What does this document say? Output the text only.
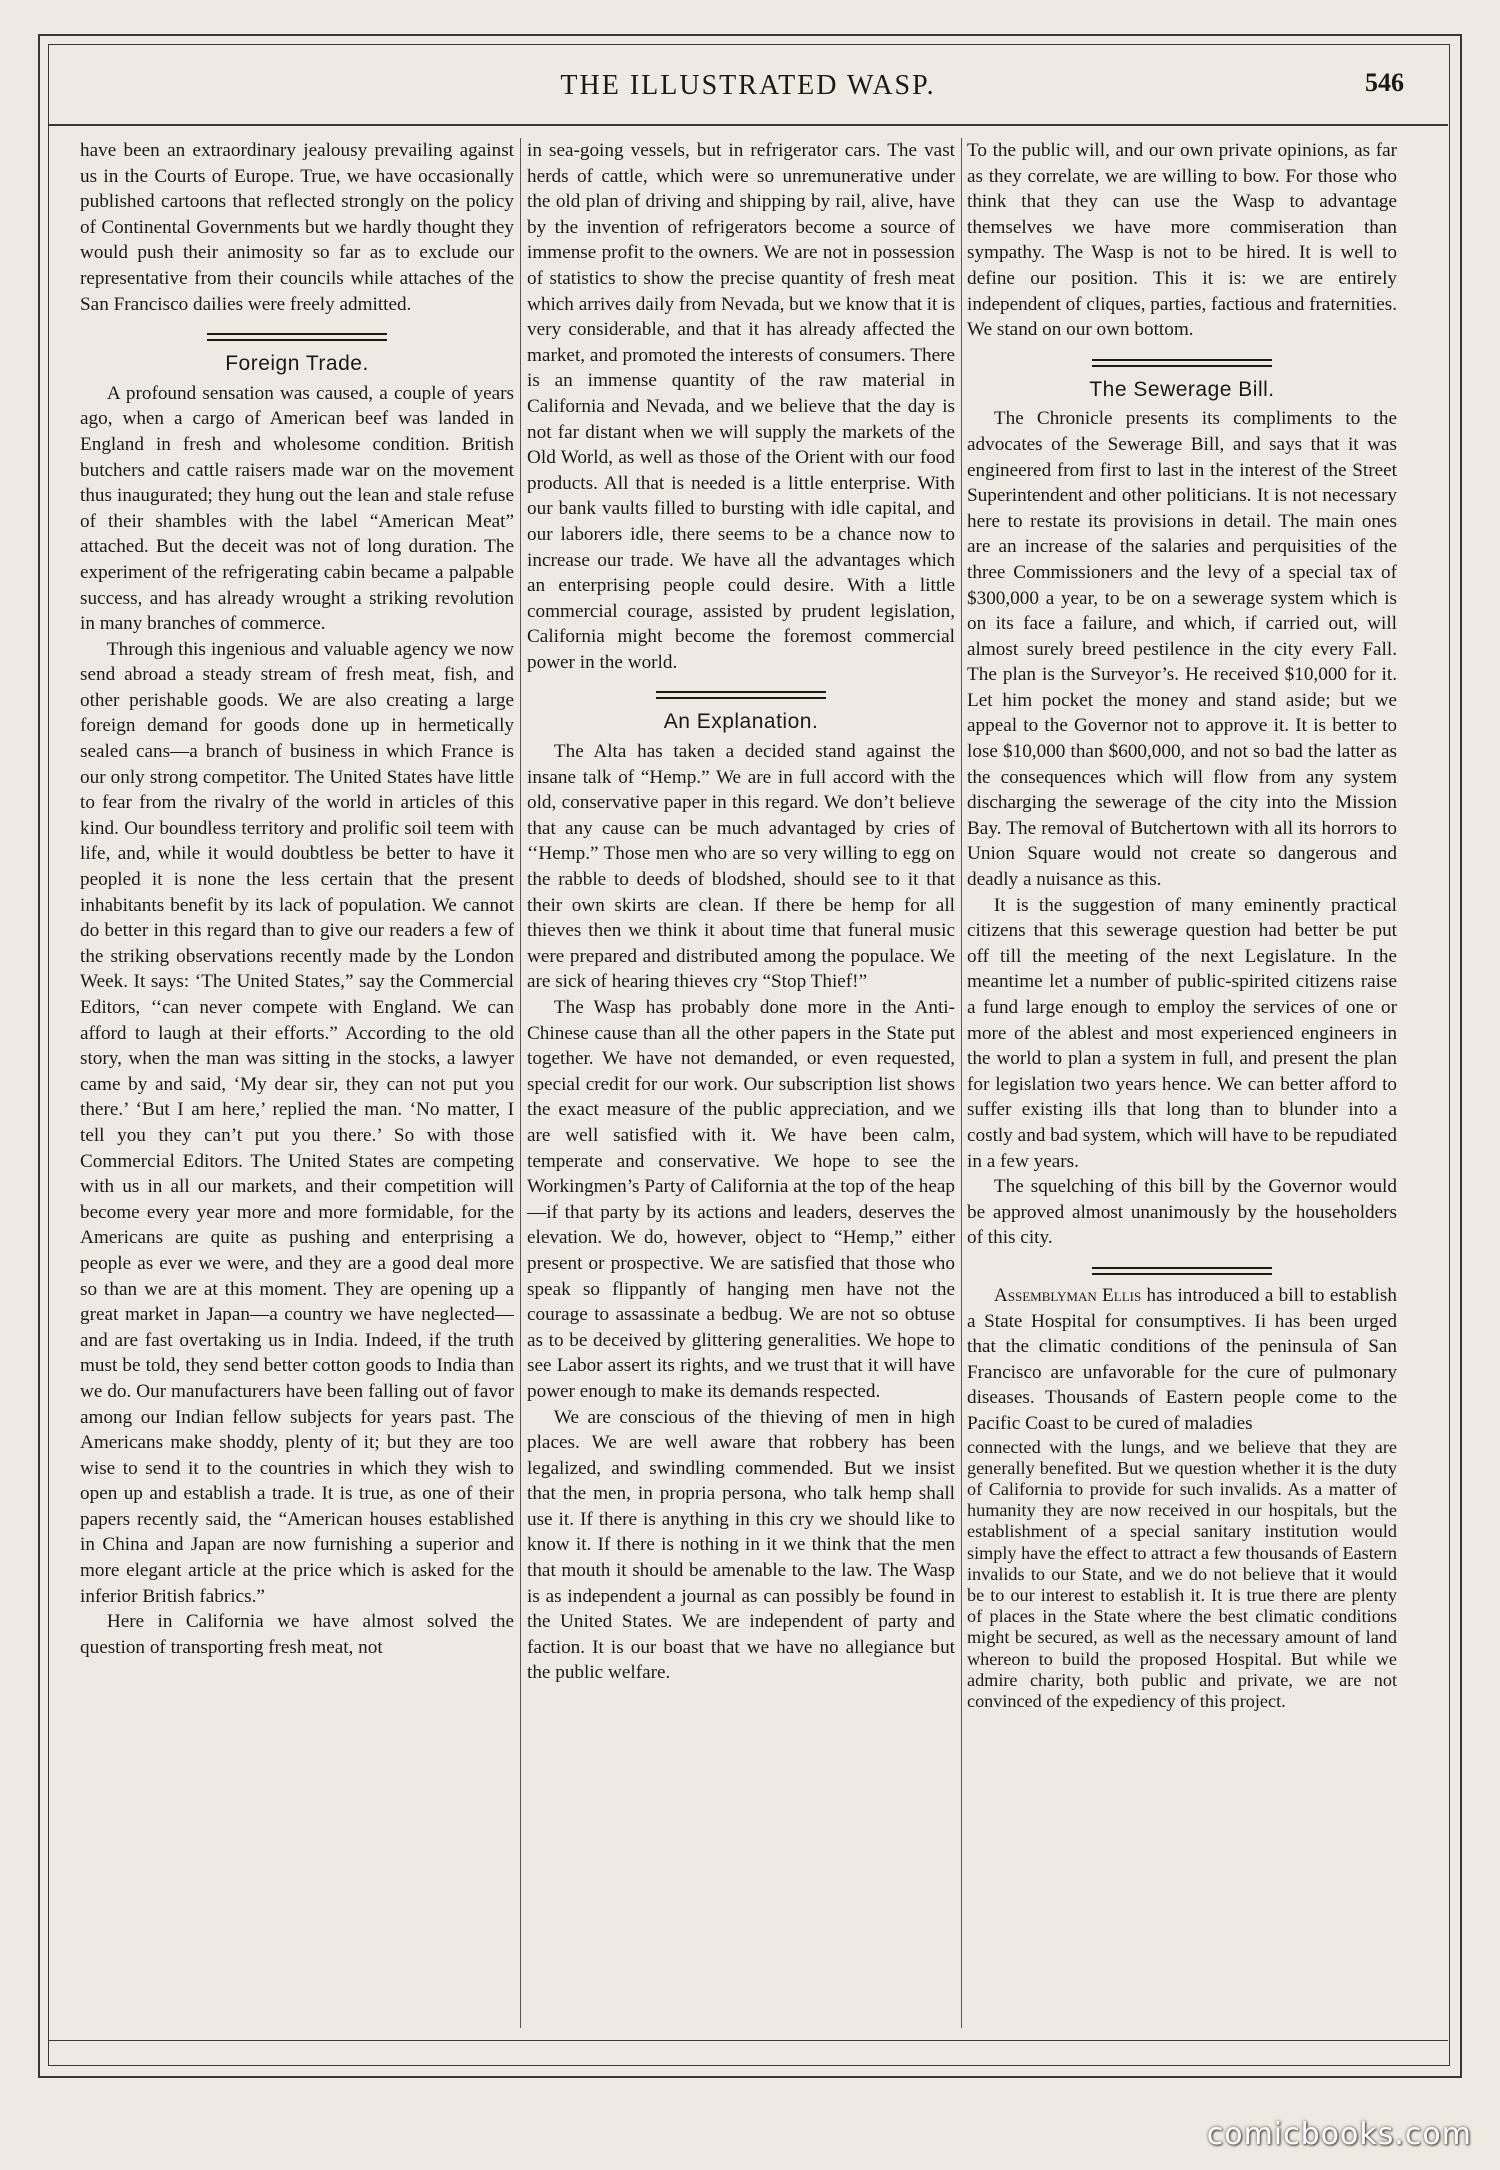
THE ILLUSTRATED WASP.	546

have been an extraordinary jealousy prevailing against us in the Courts of Europe. True, we have occasionally published cartoons that reflected strongly on the policy of Continental Governments but we hardly thought they would push their animosity so far as to exclude our representative from their councils while attaches of the San Francisco dailies were freely admitted.

Foreign Trade.

A profound sensation was caused, a couple of years ago, when a cargo of American beef was landed in England in fresh and wholesome condition. British butchers and cattle raisers made war on the movement thus inaugurated; they hung out the lean and stale refuse of their shambles with the label “American Meat” attached. But the deceit was not of long duration. The experiment of the refrigerating cabin became a palpable success, and has already wrought a striking revolution in many branches of commerce.

Through this ingenious and valuable agency we now send abroad a steady stream of fresh meat, fish, and other perishable goods. We are also creating a large foreign demand for goods done up in hermetically sealed cans—a branch of business in which France is our only strong competitor. The United States have little to fear from the rivalry of the world in articles of this kind. Our boundless territory and prolific soil teem with life, and, while it would doubtless be better to have it peopled it is none the less certain that the present inhabitants benefit by its lack of population. We cannot do better in this regard than to give our readers a few of the striking observations recently made by the London Week. It says: ‘The United States,” say the Commercial Editors, ‘‘can never compete with England. We can afford to laugh at their efforts.” According to the old story, when the man was sitting in the stocks, a lawyer came by and said, ‘My dear sir, they can not put you there.’ ‘But I am here,’ replied the man. ‘No matter, I tell you they can’t put you there.’ So with those Commercial Editors. The United States are competing with us in all our markets, and their competition will become every year more and more formidable, for the Americans are quite as pushing and enterprising a people as ever we were, and they are a good deal more so than we are at this moment. They are opening up a great market in Japan—a country we have neglected—and are fast overtaking us in India. Indeed, if the truth must be told, they send better cotton goods to India than we do. Our manufacturers have been falling out of favor among our Indian fellow subjects for years past. The Americans make shoddy, plenty of it; but they are too wise to send it to the countries in which they wish to open up and establish a trade. It is true, as one of their papers recently said, the “American houses established in China and Japan are now furnishing a superior and more elegant article at the price which is asked for the inferior British fabrics.”

Here in California we have almost solved the question of transporting fresh meat, not

in sea-going vessels, but in refrigerator cars. The vast herds of cattle, which were so unremunerative under the old plan of driving and shipping by rail, alive, have by the invention of refrigerators become a source of immense profit to the owners. We are not in possession of statistics to show the precise quantity of fresh meat which arrives daily from Nevada, but we know that it is very considerable, and that it has already affected the market, and promoted the interests of consumers. There is an immense quantity of the raw material in California and Nevada, and we believe that the day is not far distant when we will supply the markets of the Old World, as well as those of the Orient with our food products. All that is needed is a little enterprise. With our bank vaults filled to bursting with idle capital, and our laborers idle, there seems to be a chance now to increase our trade. We have all the advantages which an enterprising people could desire. With a little commercial courage, assisted by prudent legislation, California might become the foremost commercial power in the world.

An Explanation.

The Alta has taken a decided stand against the insane talk of “Hemp.” We are in full accord with the old, conservative paper in this regard. We don’t believe that any cause can be much advantaged by cries of ‘‘Hemp.” Those men who are so very willing to egg on the rabble to deeds of blodshed, should see to it that their own skirts are clean. If there be hemp for all thieves then we think it about time that funeral music were prepared and distributed among the populace. We are sick of hearing thieves cry “Stop Thief!”

The Wasp has probably done more in the Anti-Chinese cause than all the other papers in the State put together. We have not demanded, or even requested, special credit for our work. Our subscription list shows the exact measure of the public appreciation, and we are well satisfied with it. We have been calm, temperate and conservative. We hope to see the Workingmen’s Party of California at the top of the heap—if that party by its actions and leaders, deserves the elevation. We do, however, object to “Hemp,” either present or prospective. We are satisfied that those who speak so flippantly of hanging men have not the courage to assassinate a bedbug. We are not so obtuse as to be deceived by glittering generalities. We hope to see Labor assert its rights, and we trust that it will have power enough to make its demands respected.

We are conscious of the thieving of men in high places. We are well aware that robbery has been legalized, and swindling commended. But we insist that the men, in propria persona, who talk hemp shall use it. If there is anything in this cry we should like to know it. If there is nothing in it we think that the men that mouth it should be amenable to the law. The Wasp is as independent a journal as can possibly be found in the United States. We are independent of party and faction. It is our boast that we have no allegiance but the public welfare.

To the public will, and our own private opinions, as far as they correlate, we are willing to bow. For those who think that they can use the Wasp to advantage themselves we have more commiseration than sympathy. The Wasp is not to be hired. It is well to define our position. This it is: we are entirely independent of cliques, parties, factious and fraternities. We stand on our own bottom.

The Sewerage Bill.

The Chronicle presents its compliments to the advocates of the Sewerage Bill, and says that it was engineered from first to last in the interest of the Street Superintendent and other politicians. It is not necessary here to restate its provisions in detail. The main ones are an increase of the salaries and perquisities of the three Commissioners and the levy of a special tax of $300,000 a year, to be on a sewerage system which is on its face a failure, and which, if carried out, will almost surely breed pestilence in the city every Fall. The plan is the Surveyor’s. He received $10,000 for it. Let him pocket the money and stand aside; but we appeal to the Governor not to approve it. It is better to lose $10,000 than $600,000, and not so bad the latter as the consequences which will flow from any system discharging the sewerage of the city into the Mission Bay. The removal of Butchertown with all its horrors to Union Square would not create so dangerous and deadly a nuisance as this.

It is the suggestion of many eminently practical citizens that this sewerage question had better be put off till the meeting of the next Legislature. In the meantime let a number of public-spirited citizens raise a fund large enough to employ the services of one or more of the ablest and most experienced engineers in the world to plan a system in full, and present the plan for legislation two years hence. We can better afford to suffer existing ills that long than to blunder into a costly and bad system, which will have to be repudiated in a few years.

The squelching of this bill by the Governor would be approved almost unanimously by the householders of this city.

Assemblyman Ellis has introduced a bill to establish a State Hospital for consumptives. Ii has been urged that the climatic conditions of the peninsula of San Francisco are unfavorable for the cure of pulmonary diseases. Thousands of Eastern people come to the Pacific Coast to be cured of maladies

connected with the lungs, and we believe that they are generally benefited. But we question whether it is the duty of California to provide for such invalids. As a matter of humanity they are now received in our hospitals, but the establishment of a special sanitary institution would simply have the effect to attract a few thousands of Eastern invalids to our State, and we do not believe that it would be to our interest to establish it. It is true there are plenty of places in the State where the best climatic conditions might be secured, as well as the necessary amount of land whereon to build the proposed Hospital. But while we admire charity, both public and private, we are not convinced of the expediency of this project.

comicbooks.com
